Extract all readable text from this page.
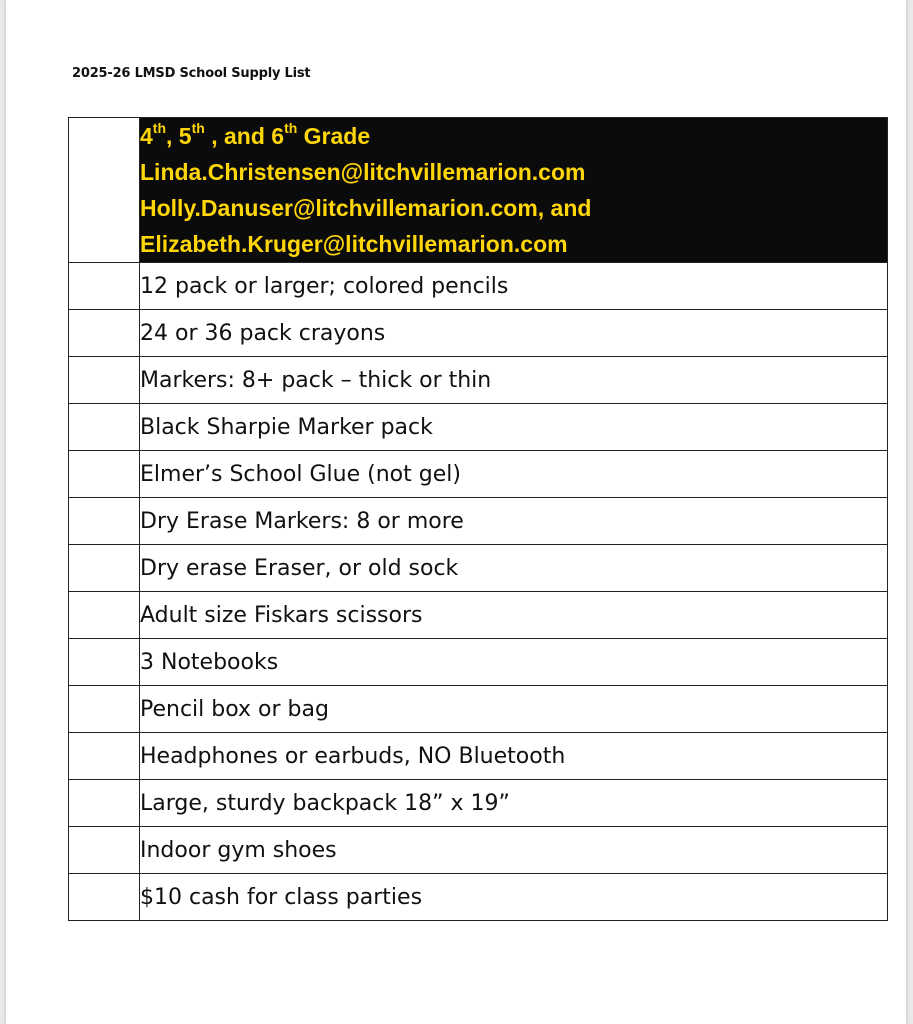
2025-26 LMSD School Supply List

	4th, 5th , and 6th Grade
Linda.Christensen@litchvillemarion.com
Holly.Danuser@litchvillemarion.com, and
Elizabeth.Kruger@litchvillemarion.com

	12 pack or larger; colored pencils
	24 or 36 pack crayons
	Markers: 8+ pack – thick or thin
	Black Sharpie Marker pack
	Elmer’s School Glue (not gel)
	Dry Erase Markers: 8 or more
	Dry erase Eraser, or old sock
	Adult size Fiskars scissors
	3 Notebooks
	Pencil box or bag
	Headphones or earbuds, NO Bluetooth
	Large, sturdy backpack 18” x 19”
	Indoor gym shoes
	$10 cash for class parties
